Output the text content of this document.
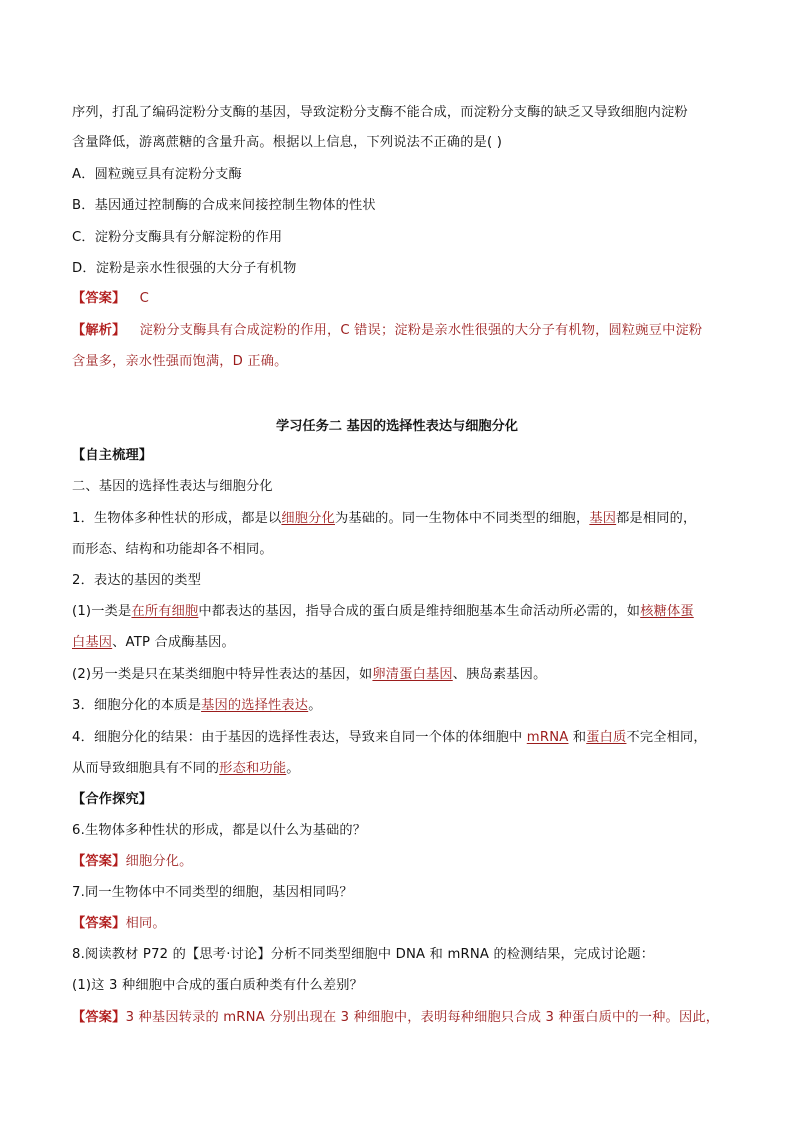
序列，打乱了编码淀粉分支酶的基因，导致淀粉分支酶不能合成，而淀粉分支酶的缺乏又导致细胞内淀粉
含量降低，游离蔗糖的含量升高。根据以上信息，下列说法不正确的是( )
A．圆粒豌豆具有淀粉分支酶
B．基因通过控制酶的合成来间接控制生物体的性状
C．淀粉分支酶具有分解淀粉的作用
D．淀粉是亲水性很强的大分子有机物
【答案】 C
【解析】 淀粉分支酶具有合成淀粉的作用，C 错误；淀粉是亲水性很强的大分子有机物，圆粒豌豆中淀粉
含量多，亲水性强而饱满，D 正确。
学习任务二 基因的选择性表达与细胞分化
【自主梳理】
二、基因的选择性表达与细胞分化
1．生物体多种性状的形成，都是以细胞分化为基础的。同一生物体中不同类型的细胞，基因都是相同的，
而形态、结构和功能却各不相同。
2．表达的基因的类型
(1)一类是在所有细胞中都表达的基因，指导合成的蛋白质是维持细胞基本生命活动所必需的，如核糖体蛋
白基因、ATP 合成酶基因。
(2)另一类是只在某类细胞中特异性表达的基因，如卵清蛋白基因、胰岛素基因。
3．细胞分化的本质是基因的选择性表达。
4．细胞分化的结果：由于基因的选择性表达，导致来自同一个体的体细胞中 mRNA 和蛋白质不完全相同，
从而导致细胞具有不同的形态和功能。
【合作探究】
6.生物体多种性状的形成，都是以什么为基础的？
【答案】细胞分化。
7.同一生物体中不同类型的细胞，基因相同吗？
【答案】相同。
8.阅读教材 P72 的【思考·讨论】分析不同类型细胞中 DNA 和 mRNA 的检测结果，完成讨论题：
(1)这 3 种细胞中合成的蛋白质种类有什么差别？
【答案】3 种基因转录的 mRNA 分别出现在 3 种细胞中，表明每种细胞只合成 3 种蛋白质中的一种。因此，
